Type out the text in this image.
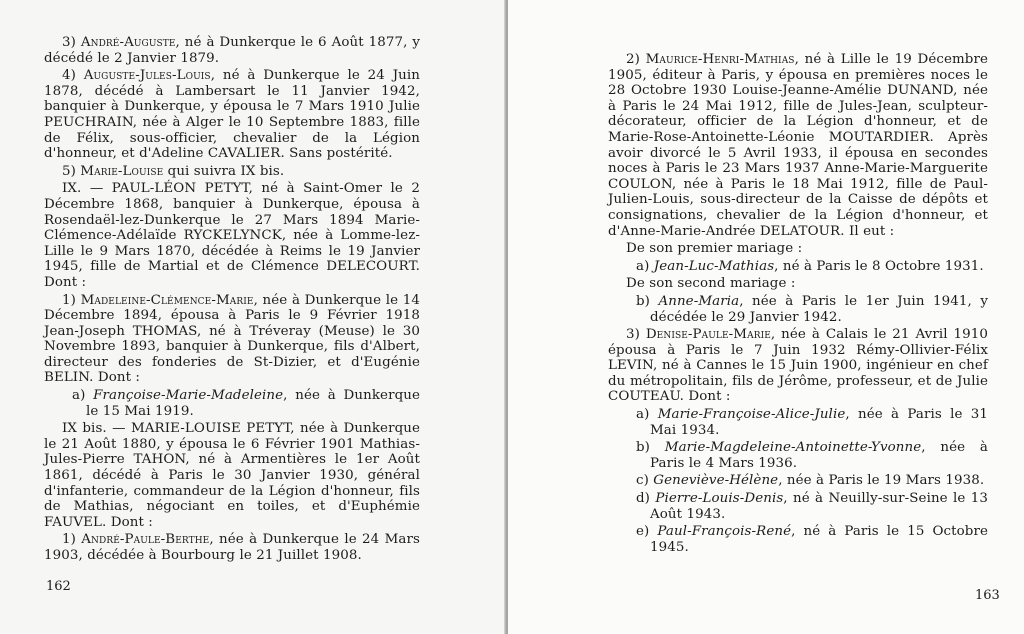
3) André-Auguste, né à Dunkerque le 6 Août 1877, y décédé le 2 Janvier 1879.

4) Auguste-Jules-Louis, né à Dunkerque le 24 Juin 1878, décédé à Lambersart le 11 Janvier 1942, banquier à Dunkerque, y épousa le 7 Mars 1910 Julie PEUCHRAIN, née à Alger le 10 Septembre 1883, fille de Félix, sous-officier, chevalier de la Légion d'honneur, et d'Adeline CAVALIER. Sans postérité.

5) Marie-Louise qui suivra IX bis.

IX. — PAUL-LÉON PETYT, né à Saint-Omer le 2 Décembre 1868, banquier à Dunkerque, épousa à Rosendaël-lez-Dunkerque le 27 Mars 1894 Marie-Clémence-Adélaïde RYCKELYNCK, née à Lomme-lez-Lille le 9 Mars 1870, décédée à Reims le 19 Janvier 1945, fille de Martial et de Clémence DELECOURT. Dont :

1) Madeleine-Clémence-Marie, née à Dunkerque le 14 Décembre 1894, épousa à Paris le 9 Février 1918 Jean-Joseph THOMAS, né à Tréveray (Meuse) le 30 Novembre 1893, banquier à Dunkerque, fils d'Albert, directeur des fonderies de St-Dizier, et d'Eugénie BELIN. Dont :

a) Françoise-Marie-Madeleine, née à Dunkerque le 15 Mai 1919.

IX bis. — MARIE-LOUISE PETYT, née à Dunkerque le 21 Août 1880, y épousa le 6 Février 1901 Mathias-Jules-Pierre TAHON, né à Armentières le 1er Août 1861, décédé à Paris le 30 Janvier 1930, général d'infanterie, commandeur de la Légion d'honneur, fils de Mathias, négociant en toiles, et d'Euphémie FAUVEL. Dont :

1) André-Paule-Berthe, née à Dunkerque le 24 Mars 1903, décédée à Bourbourg le 21 Juillet 1908.

162

2) Maurice-Henri-Mathias, né à Lille le 19 Décembre 1905, éditeur à Paris, y épousa en premières noces le 28 Octobre 1930 Louise-Jeanne-Amélie DUNAND, née à Paris le 24 Mai 1912, fille de Jules-Jean, sculpteur-décorateur, officier de la Légion d'honneur, et de Marie-Rose-Antoinette-Léonie MOUTARDIER. Après avoir divorcé le 5 Avril 1933, il épousa en secondes noces à Paris le 23 Mars 1937 Anne-Marie-Marguerite COULON, née à Paris le 18 Mai 1912, fille de Paul-Julien-Louis, sous-directeur de la Caisse de dépôts et consignations, chevalier de la Légion d'honneur, et d'Anne-Marie-Andrée DELATOUR. Il eut :

De son premier mariage :

a) Jean-Luc-Mathias, né à Paris le 8 Octobre 1931.

De son second mariage :

b) Anne-Maria, née à Paris le 1er Juin 1941, y décédée le 29 Janvier 1942.

3) Denise-Paule-Marie, née à Calais le 21 Avril 1910 épousa à Paris le 7 Juin 1932 Rémy-Ollivier-Félix LEVIN, né à Cannes le 15 Juin 1900, ingénieur en chef du métropolitain, fils de Jérôme, professeur, et de Julie COUTEAU. Dont :

a) Marie-Françoise-Alice-Julie, née à Paris le 31 Mai 1934.

b) Marie-Magdeleine-Antoinette-Yvonne, née à Paris le 4 Mars 1936.

c) Geneviève-Hélène, née à Paris le 19 Mars 1938.

d) Pierre-Louis-Denis, né à Neuilly-sur-Seine le 13 Août 1943.

e) Paul-François-René, né à Paris le 15 Octobre 1945.

163
